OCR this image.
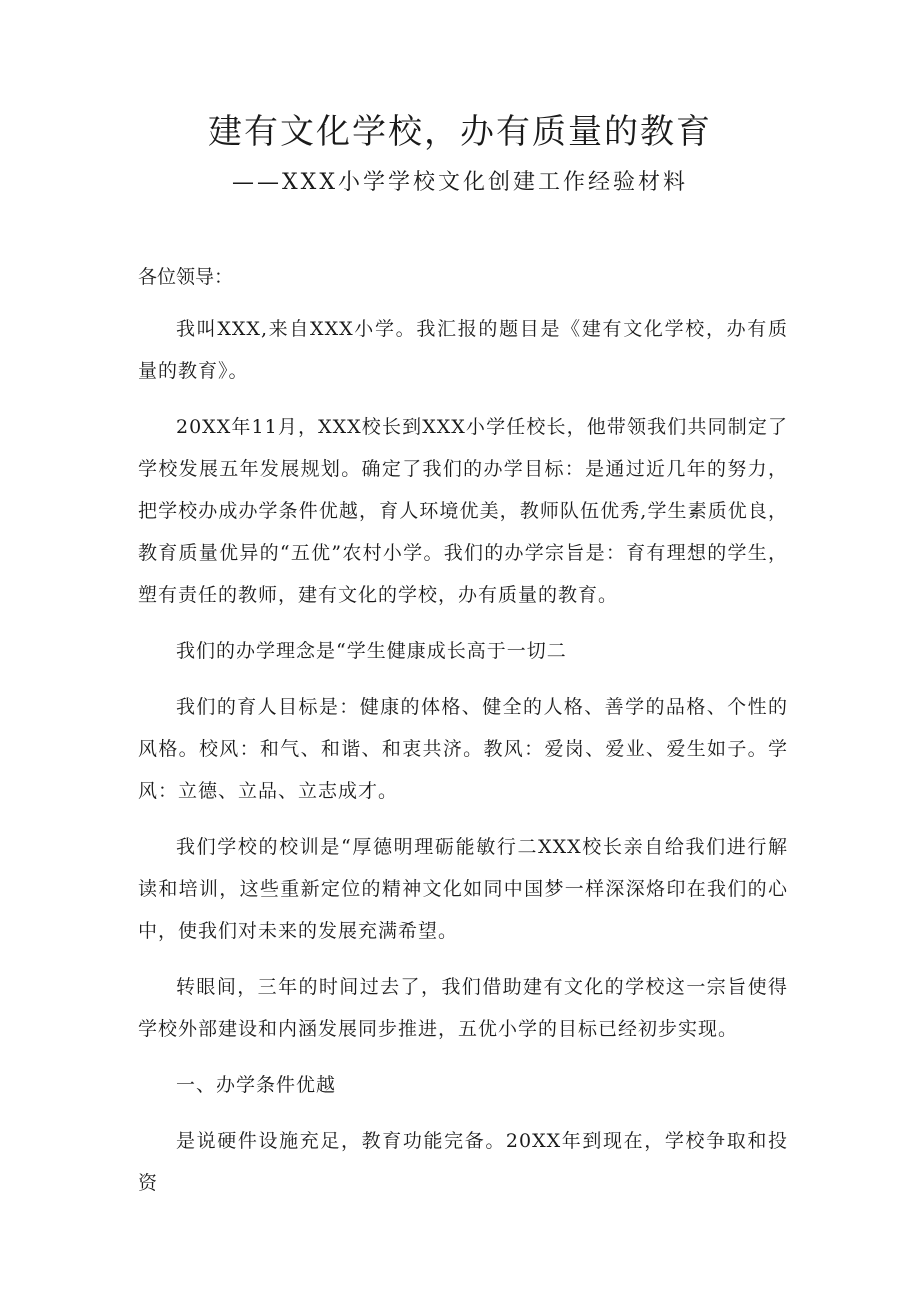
建有文化学校，办有质量的教育
——XXX小学学校文化创建工作经验材料

各位领导：

我叫XXX,来自XXX小学。我汇报的题目是《建有文化学校，办有质量的教育》。

20XX年11月，XXX校长到XXX小学任校长，他带领我们共同制定了学校发展五年发展规划。确定了我们的办学目标：是通过近几年的努力，把学校办成办学条件优越，育人环境优美，教师队伍优秀,学生素质优良，教育质量优异的“五优”农村小学。我们的办学宗旨是：育有理想的学生，塑有责任的教师，建有文化的学校，办有质量的教育。

我们的办学理念是“学生健康成长高于一切二

我们的育人目标是：健康的体格、健全的人格、善学的品格、个性的风格。校风：和气、和谐、和衷共济。教风：爱岗、爱业、爱生如子。学风：立德、立品、立志成才。

我们学校的校训是“厚德明理砺能敏行二XXX校长亲自给我们进行解读和培训，这些重新定位的精神文化如同中国梦一样深深烙印在我们的心中，使我们对未来的发展充满希望。

转眼间，三年的时间过去了，我们借助建有文化的学校这一宗旨使得学校外部建设和内涵发展同步推进，五优小学的目标已经初步实现。

一、办学条件优越

是说硬件设施充足，教育功能完备。20XX年到现在，学校争取和投资
